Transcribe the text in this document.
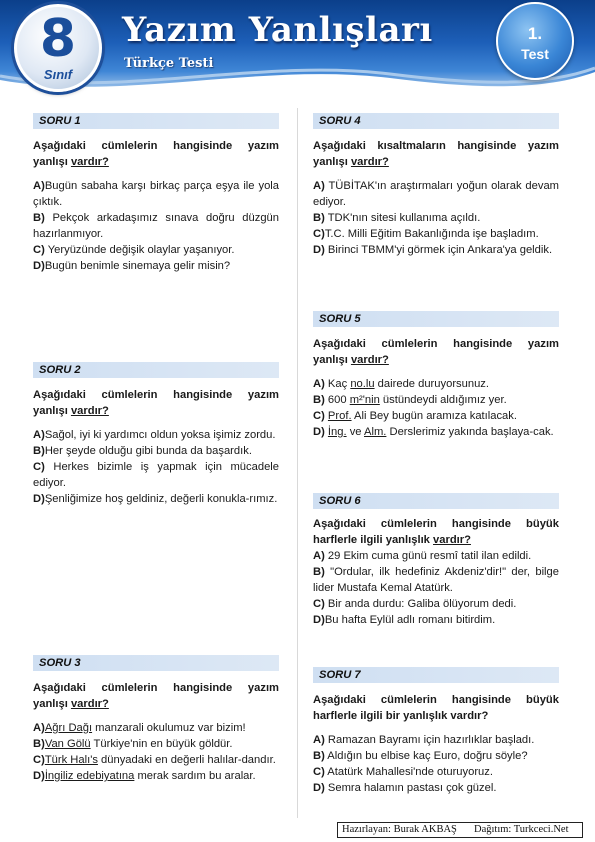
8
Sınıf
Yazım Yanlışları
Türkçe Testi
1.
Test
SORU 1
Aşağıdaki cümlelerin hangisinde yazım yanlışı vardır?
A)Bugün sabaha karşı birkaç parça eşya ile yola çıktık.
B) Pekçok arkadaşımız sınava doğru düzgün hazırlanmıyor.
C) Yeryüzünde değişik olaylar yaşanıyor.
D)Bugün benimle sinemaya gelir misin?
SORU 2
Aşağıdaki cümlelerin hangisinde yazım yanlışı vardır?
A)Sağol, iyi ki yardımcı oldun yoksa işimiz zordu.
B)Her şeyde olduğu gibi bunda da başardık.
C) Herkes bizimle iş yapmak için mücadele ediyor.
D)Şenliğimize hoş geldiniz, değerli konukla-rımız.
SORU 3
Aşağıdaki cümlelerin hangisinde yazım yanlışı vardır?
A)Ağrı Dağı manzarali okulumuz var bizim!
B)Van Gölü Türkiye'nin en büyük göldür.
C)Türk Halı's dünyadaki en değerli halılar-dandır.
D)İngiliz edebiyatına merak sardım bu aralar.
SORU 4
Aşağıdaki kısaltmaların hangisinde yazım yanlışı vardır?
A) TÜBİTAK'ın araştırmaları yoğun olarak devam ediyor.
B) TDK'nın sitesi kullanıma açıldı.
C)T.C. Milli Eğitim Bakanlığında işe başladım.
D) Birinci TBMM'yi görmek için Ankara'ya geldik.
SORU 5
Aşağıdaki cümlelerin hangisinde yazım yanlışı vardır?
A) Kaç no.lu dairede duruyorsunuz.
B) 600 m²'nin üstündeydi aldığımız yer.
C) Prof. Ali Bey bugün aramıza katılacak.
D) İng. ve Alm. Derslerimiz yakında başlaya-cak.
SORU 6
Aşağıdaki cümlelerin hangisinde büyük harflerle ilgili yanlışlık vardır?
A) 29 Ekim cuma günü resmî tatil ilan edildi.
B) "Ordular, ilk hedefiniz Akdeniz'dir!" der, bilge lider Mustafa Kemal Atatürk.
C) Bir anda durdu: Galiba ölüyorum dedi.
D)Bu hafta Eylül adlı romanı bitirdim.
SORU 7
Aşağıdaki cümlelerin hangisinde büyük harflerle ilgili bir yanlışlık vardır?
A) Ramazan Bayramı için hazırlıklar başladı.
B) Aldığın bu elbise kaç Euro, doğru söyle?
C) Atatürk Mahallesi'nde oturuyoruz.
D) Semra halamın pastası çok güzel.
Hazırlayan: Burak AKBAŞ Dağıtım: Turkceci.Net
